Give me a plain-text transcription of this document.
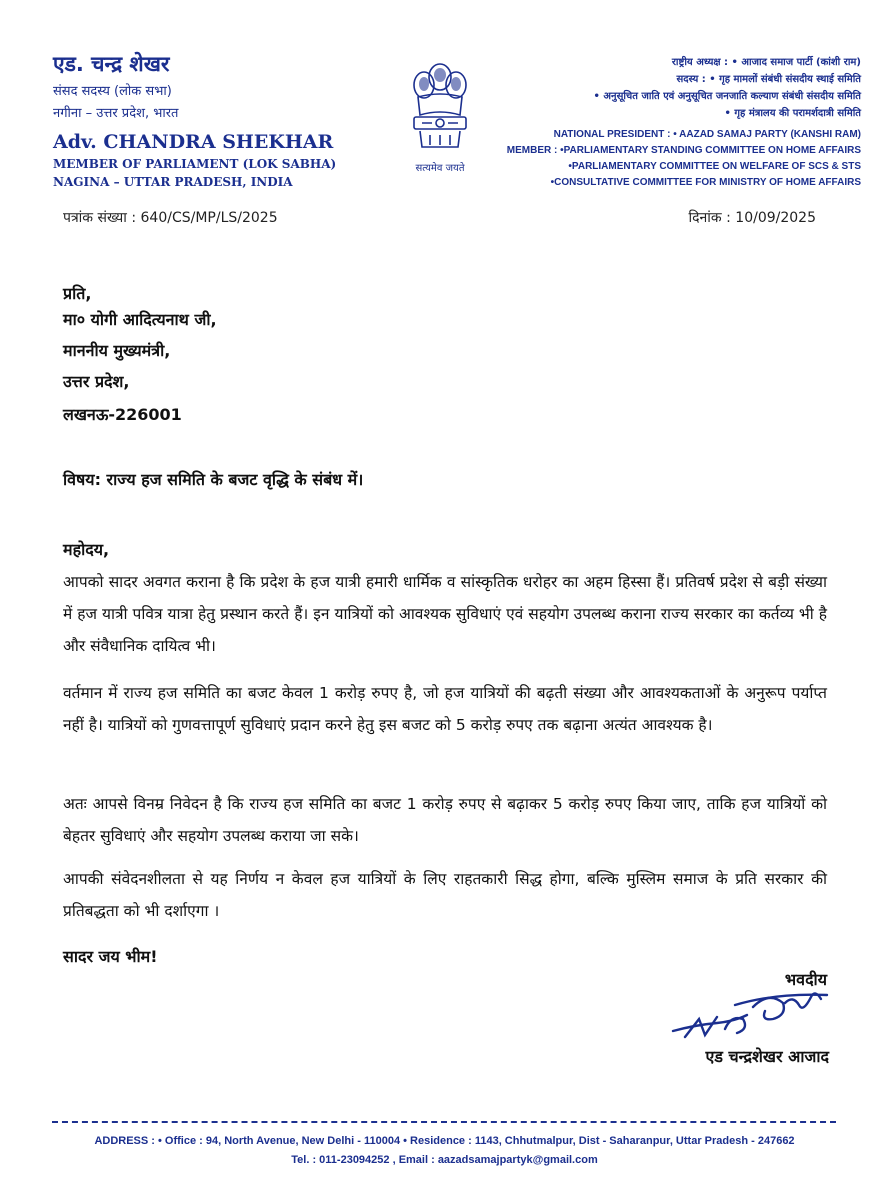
एड. चन्द्र शेखर
संसद सदस्य (लोक सभा)
नगीना – उत्तर प्रदेश, भारत
Adv. CHANDRA SHEKHAR
MEMBER OF PARLIAMENT (LOK SABHA)
NAGINA – UTTAR PRADESH, INDIA
सत्यमेव जयते
राष्ट्रीय अध्यक्ष : • आजाद समाज पार्टी (कांशी राम)
सदस्य : • गृह मामलों संबंधी संसदीय स्थाई समिति
• अनुसूचित जाति एवं अनुसूचित जनजाति कल्याण संबंधी संसदीय समिति
• गृह मंत्रालय की परामर्शदात्री समिति
NATIONAL PRESIDENT : • AAZAD SAMAJ PARTY (KANSHI RAM)
MEMBER : •PARLIAMENTARY STANDING COMMITTEE ON HOME AFFAIRS
•PARLIAMENTARY COMMITTEE ON WELFARE OF SCS & STS
•CONSULTATIVE COMMITTEE FOR MINISTRY OF HOME AFFAIRS
पत्रांक संख्या : 640/CS/MP/LS/2025	दिनांक : 10/09/2025
प्रति,
मा० योगी आदित्यनाथ जी,
माननीय मुख्यमंत्री,
उत्तर प्रदेश,
लखनऊ-226001
विषय: राज्य हज समिति के बजट वृद्धि के संबंध में।
महोदय,
आपको सादर अवगत कराना है कि प्रदेश के हज यात्री हमारी धार्मिक व सांस्कृतिक धरोहर का अहम हिस्सा हैं। प्रतिवर्ष प्रदेश से बड़ी संख्या में हज यात्री पवित्र यात्रा हेतु प्रस्थान करते हैं। इन यात्रियों को आवश्यक सुविधाएं एवं सहयोग उपलब्ध कराना राज्य सरकार का कर्तव्य भी है और संवैधानिक दायित्व भी।
वर्तमान में राज्य हज समिति का बजट केवल 1 करोड़ रुपए है, जो हज यात्रियों की बढ़ती संख्या और आवश्यकताओं के अनुरूप पर्याप्त नहीं है। यात्रियों को गुणवत्तापूर्ण सुविधाएं प्रदान करने हेतु इस बजट को 5 करोड़ रुपए तक बढ़ाना अत्यंत आवश्यक है।
अतः आपसे विनम्र निवेदन है कि राज्य हज समिति का बजट 1 करोड़ रुपए से बढ़ाकर 5 करोड़ रुपए किया जाए, ताकि हज यात्रियों को बेहतर सुविधाएं और सहयोग उपलब्ध कराया जा सके।
आपकी संवेदनशीलता से यह निर्णय न केवल हज यात्रियों के लिए राहतकारी सिद्ध होगा, बल्कि मुस्लिम समाज के प्रति सरकार की प्रतिबद्धता को भी दर्शाएगा ।
सादर जय भीम!
भवदीय
एड चन्द्रशेखर आजाद
ADDRESS : • Office : 94, North Avenue, New Delhi - 110004 • Residence : 1143, Chhutmalpur, Dist - Saharanpur, Uttar Pradesh - 247662
Tel. : 011-23094252 , Email : aazadsamajpartyk@gmail.com
